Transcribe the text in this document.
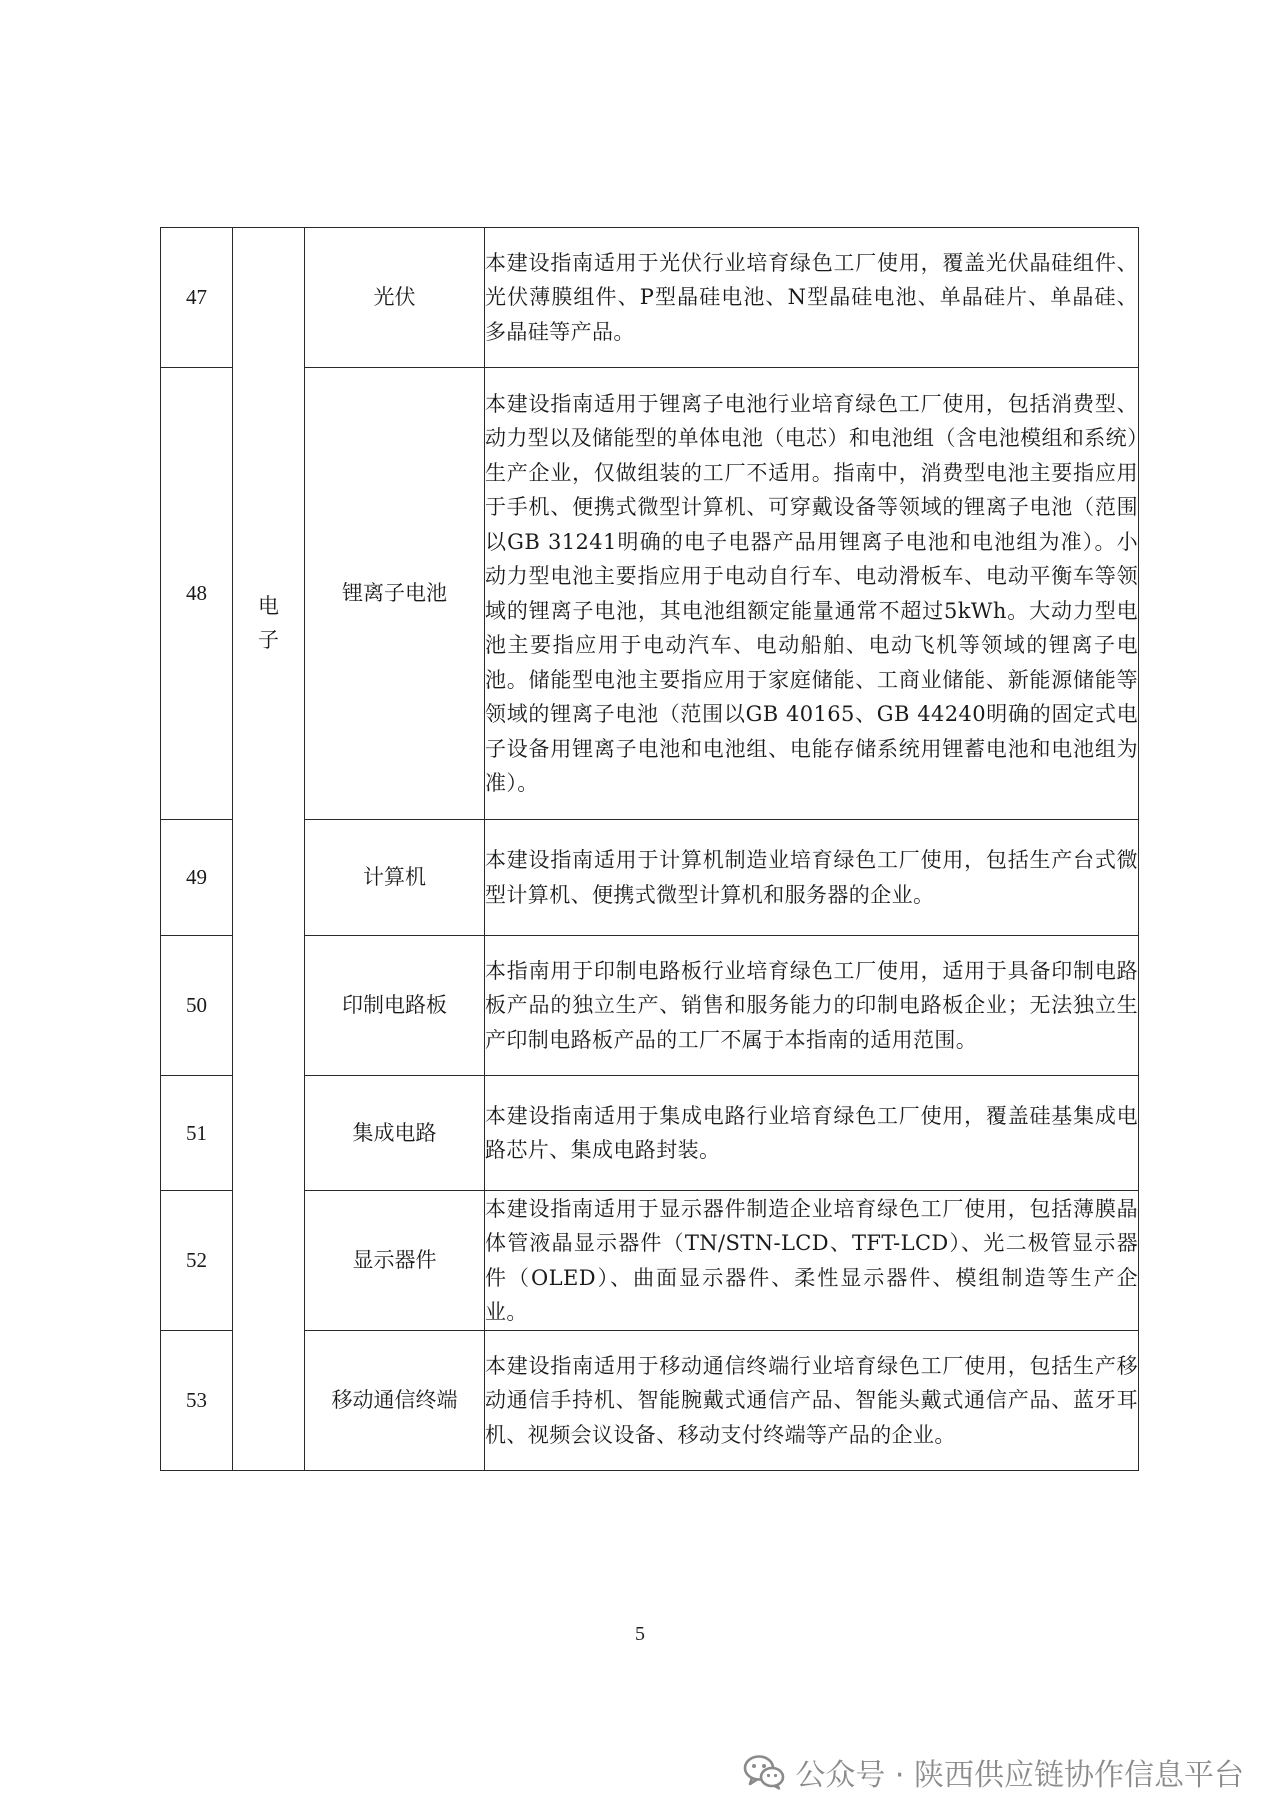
47	电子	光伏	本建设指南适用于光伏行业培育绿色工厂使用，覆盖光伏晶硅组件、光伏薄膜组件、P型晶硅电池、N型晶硅电池、单晶硅片、单晶硅、多晶硅等产品。
48		锂离子电池	本建设指南适用于锂离子电池行业培育绿色工厂使用，包括消费型、动力型以及储能型的单体电池（电芯）和电池组（含电池模组和系统）生产企业，仅做组装的工厂不适用。指南中，消费型电池主要指应用于手机、便携式微型计算机、可穿戴设备等领域的锂离子电池（范围以GB 31241明确的电子电器产品用锂离子电池和电池组为准）。小动力型电池主要指应用于电动自行车、电动滑板车、电动平衡车等领域的锂离子电池，其电池组额定能量通常不超过5kWh。大动力型电池主要指应用于电动汽车、电动船舶、电动飞机等领域的锂离子电池。储能型电池主要指应用于家庭储能、工商业储能、新能源储能等领域的锂离子电池（范围以GB 40165、GB 44240明确的固定式电子设备用锂离子电池和电池组、电能存储系统用锂蓄电池和电池组为准）。
49		计算机	本建设指南适用于计算机制造业培育绿色工厂使用，包括生产台式微型计算机、便携式微型计算机和服务器的企业。
50		印制电路板	本指南用于印制电路板行业培育绿色工厂使用，适用于具备印制电路板产品的独立生产、销售和服务能力的印制电路板企业；无法独立生产印制电路板产品的工厂不属于本指南的适用范围。
51		集成电路	本建设指南适用于集成电路行业培育绿色工厂使用，覆盖硅基集成电路芯片、集成电路封装。
52		显示器件	本建设指南适用于显示器件制造企业培育绿色工厂使用，包括薄膜晶体管液晶显示器件（TN/STN-LCD、TFT-LCD）、光二极管显示器件（OLED）、曲面显示器件、柔性显示器件、模组制造等生产企业。
53		移动通信终端	本建设指南适用于移动通信终端行业培育绿色工厂使用，包括生产移动通信手持机、智能腕戴式通信产品、智能头戴式通信产品、蓝牙耳机、视频会议设备、移动支付终端等产品的企业。
5
公众号 · 陕西供应链协作信息平台
